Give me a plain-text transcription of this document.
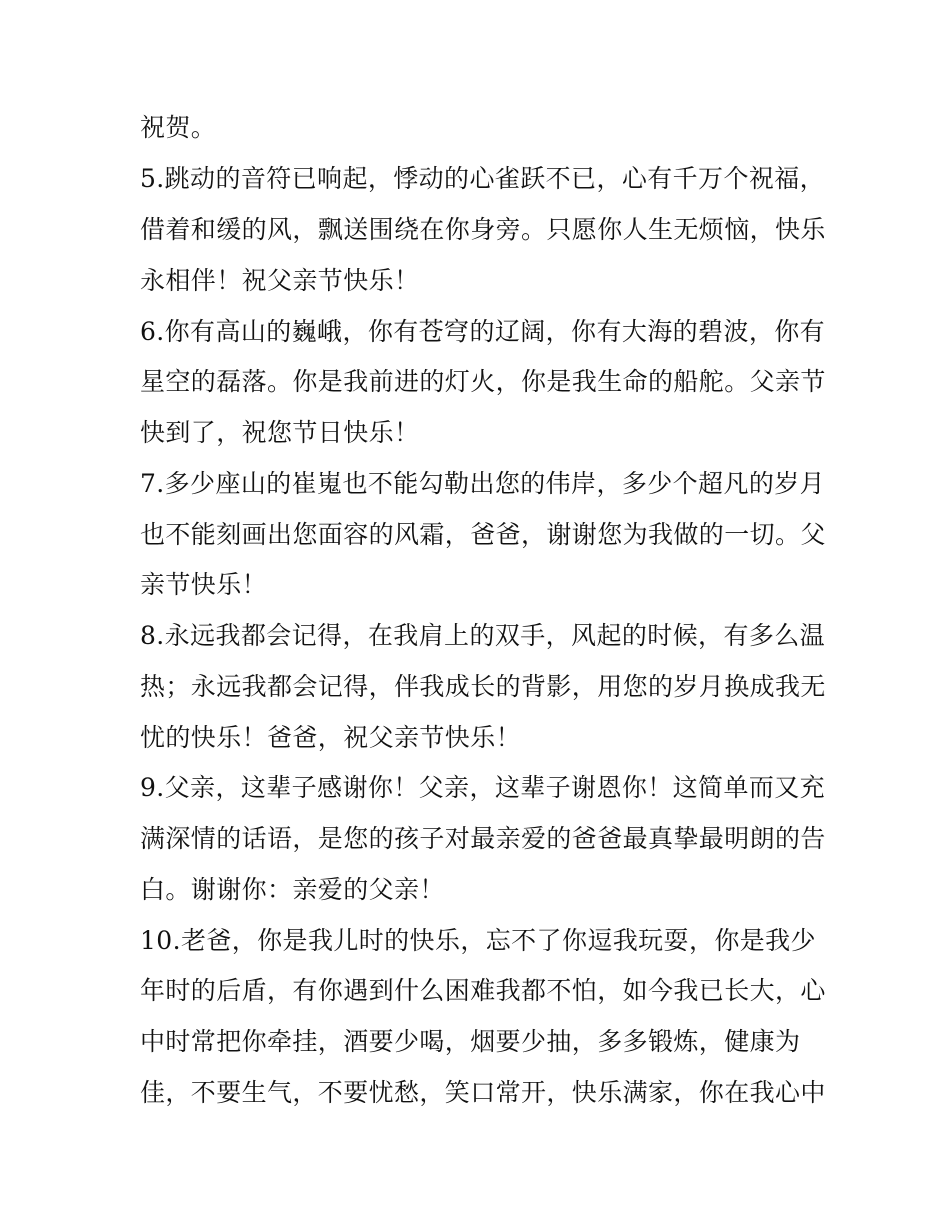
祝贺。
5.跳动的音符已响起，悸动的心雀跃不已，心有千万个祝福，
借着和缓的风，飘送围绕在你身旁。只愿你人生无烦恼，快乐
永相伴！祝父亲节快乐！
6.你有高山的巍峨，你有苍穹的辽阔，你有大海的碧波，你有
星空的磊落。你是我前进的灯火，你是我生命的船舵。父亲节
快到了，祝您节日快乐！
7.多少座山的崔嵬也不能勾勒出您的伟岸，多少个超凡的岁月
也不能刻画出您面容的风霜，爸爸，谢谢您为我做的一切。父
亲节快乐！
8.永远我都会记得，在我肩上的双手，风起的时候，有多么温
热；永远我都会记得，伴我成长的背影，用您的岁月换成我无
忧的快乐！爸爸，祝父亲节快乐！
9.父亲，这辈子感谢你！父亲，这辈子谢恩你！这简单而又充
满深情的话语，是您的孩子对最亲爱的爸爸最真挚最明朗的告
白。谢谢你：亲爱的父亲！
10.老爸，你是我儿时的快乐，忘不了你逗我玩耍，你是我少
年时的后盾，有你遇到什么困难我都不怕，如今我已长大，心
中时常把你牵挂，酒要少喝，烟要少抽，多多锻炼，健康为
佳，不要生气，不要忧愁，笑口常开，快乐满家，你在我心中
